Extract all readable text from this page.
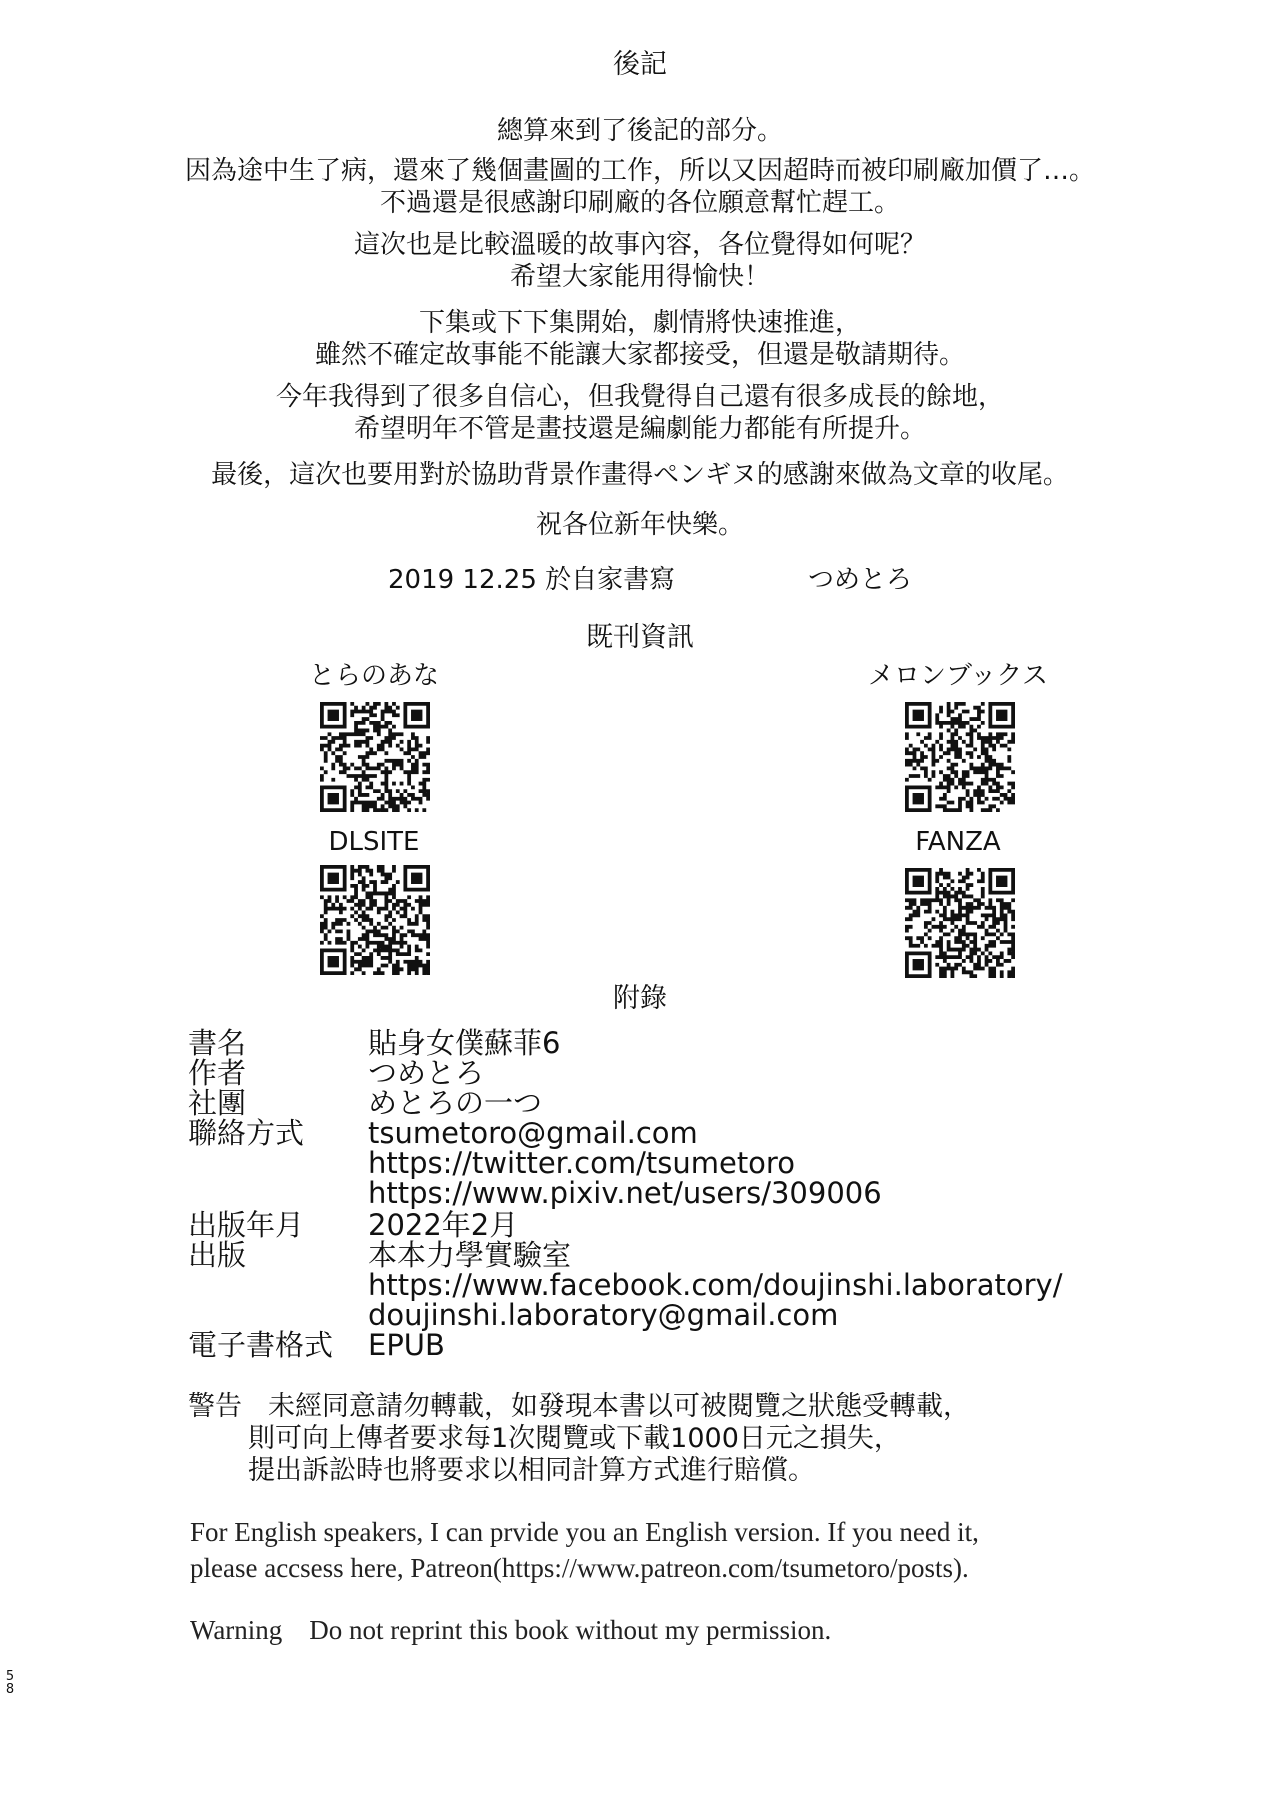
後記
總算來到了後記的部分。
因為途中生了病，還來了幾個畫圖的工作，所以又因超時而被印刷廠加價了…。
不過還是很感謝印刷廠的各位願意幫忙趕工。
這次也是比較溫暖的故事內容，各位覺得如何呢？
希望大家能用得愉快！
下集或下下集開始，劇情將快速推進，
雖然不確定故事能不能讓大家都接受，但還是敬請期待。
今年我得到了很多自信心，但我覺得自己還有很多成長的餘地，
希望明年不管是畫技還是編劇能力都能有所提升。
最後，這次也要用對於協助背景作畫得ペンギヌ的感謝來做為文章的收尾。
祝各位新年快樂。
2019 12.25 於自家書寫	つめとろ
既刊資訊
とらのあな	メロンブックス
DLSITE	FANZA
附錄
書名	貼身女僕蘇菲6
作者	つめとろ
社團	めとろの一つ
聯絡方式 tsumetoro@gmail.com
https://twitter.com/tsumetoro
https://www.pixiv.net/users/309006
出版年月 2022年2月
出版	本本力學實驗室
https://www.facebook.com/doujinshi.laboratory/
doujinshi.laboratory@gmail.com
電子書格式 EPUB
警告 未經同意請勿轉載，如發現本書以可被閱覽之狀態受轉載，
則可向上傳者要求每1次閱覽或下載1000日元之損失，
提出訴訟時也將要求以相同計算方式進行賠償。
5
8
For English speakers, I can prvide you an English version. If you need it,
please accsess here, Patreon(https://www.patreon.com/tsumetoro/posts).
Warning    Do not reprint this book without my permission.
